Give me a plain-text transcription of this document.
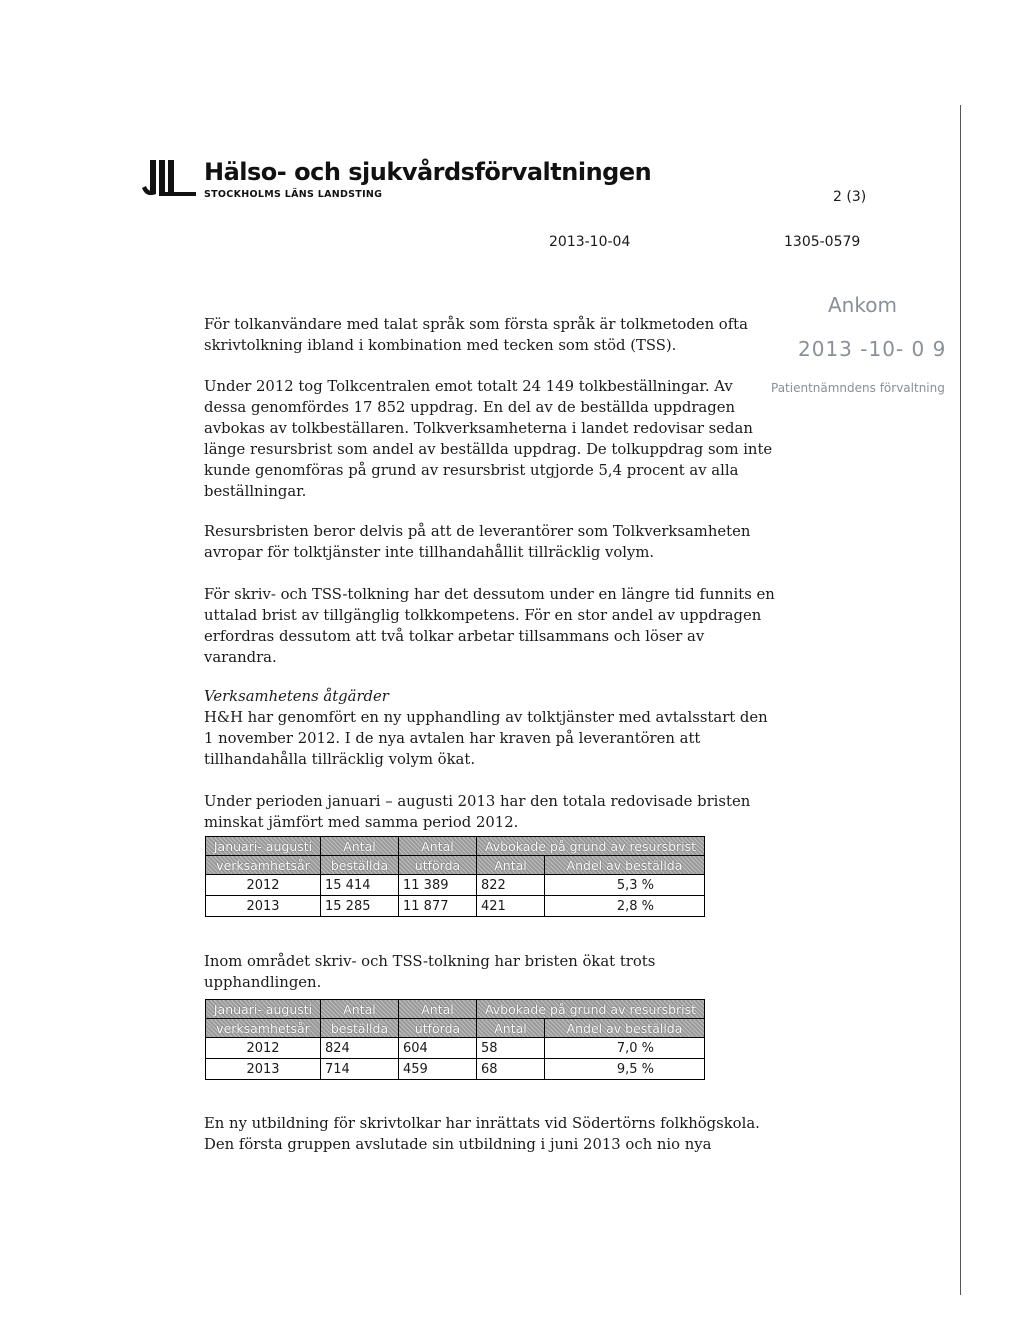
Hälso- och sjukvårdsförvaltningen
STOCKHOLMS LÄNS LANDSTING	2 (3)
2013-10-04	1305-0579
Ankom
2013 -10- 0 9
Patientnämndens förvaltning

För tolkanvändare med talat språk som första språk är tolkmetoden ofta
skrivtolkning ibland i kombination med tecken som stöd (TSS).

Under 2012 tog Tolkcentralen emot totalt 24 149 tolkbeställningar. Av
dessa genomfördes 17 852 uppdrag. En del av de beställda uppdragen
avbokas av tolkbeställaren. Tolkverksamheterna i landet redovisar sedan
länge resursbrist som andel av beställda uppdrag. De tolkuppdrag som inte
kunde genomföras på grund av resursbrist utgjorde 5,4 procent av alla
beställningar.

Resursbristen beror delvis på att de leverantörer som Tolkverksamheten
avropar för tolktjänster inte tillhandahållit tillräcklig volym.

För skriv- och TSS-tolkning har det dessutom under en längre tid funnits en
uttalad brist av tillgänglig tolkkompetens. För en stor andel av uppdragen
erfordras dessutom att två tolkar arbetar tillsammans och löser av
varandra.

Verksamhetens åtgärder
H&H har genomfört en ny upphandling av tolktjänster med avtalsstart den
1 november 2012. I de nya avtalen har kraven på leverantören att
tillhandahålla tillräcklig volym ökat.

Under perioden januari – augusti 2013 har den totala redovisade bristen
minskat jämfört med samma period 2012.

Januari- augusti	Antal	Antal	Avbokade på grund av resursbrist	
verksamhetsår	beställda	utförda	Antal	Andel av beställda
2012	15 414	11 389	822	5,3 %
2013	15 285	11 877	421	2,8 %

Inom området skriv- och TSS-tolkning har bristen ökat trots
upphandlingen.

Januari- augusti	Antal	Antal	Avbokade på grund av resursbrist	
verksamhetsår	beställda	utförda	Antal	Andel av beställda
2012	824	604	58	7,0 %
2013	714	459	68	9,5 %

En ny utbildning för skrivtolkar har inrättats vid Södertörns folkhögskola.
Den första gruppen avslutade sin utbildning i juni 2013 och nio nya
